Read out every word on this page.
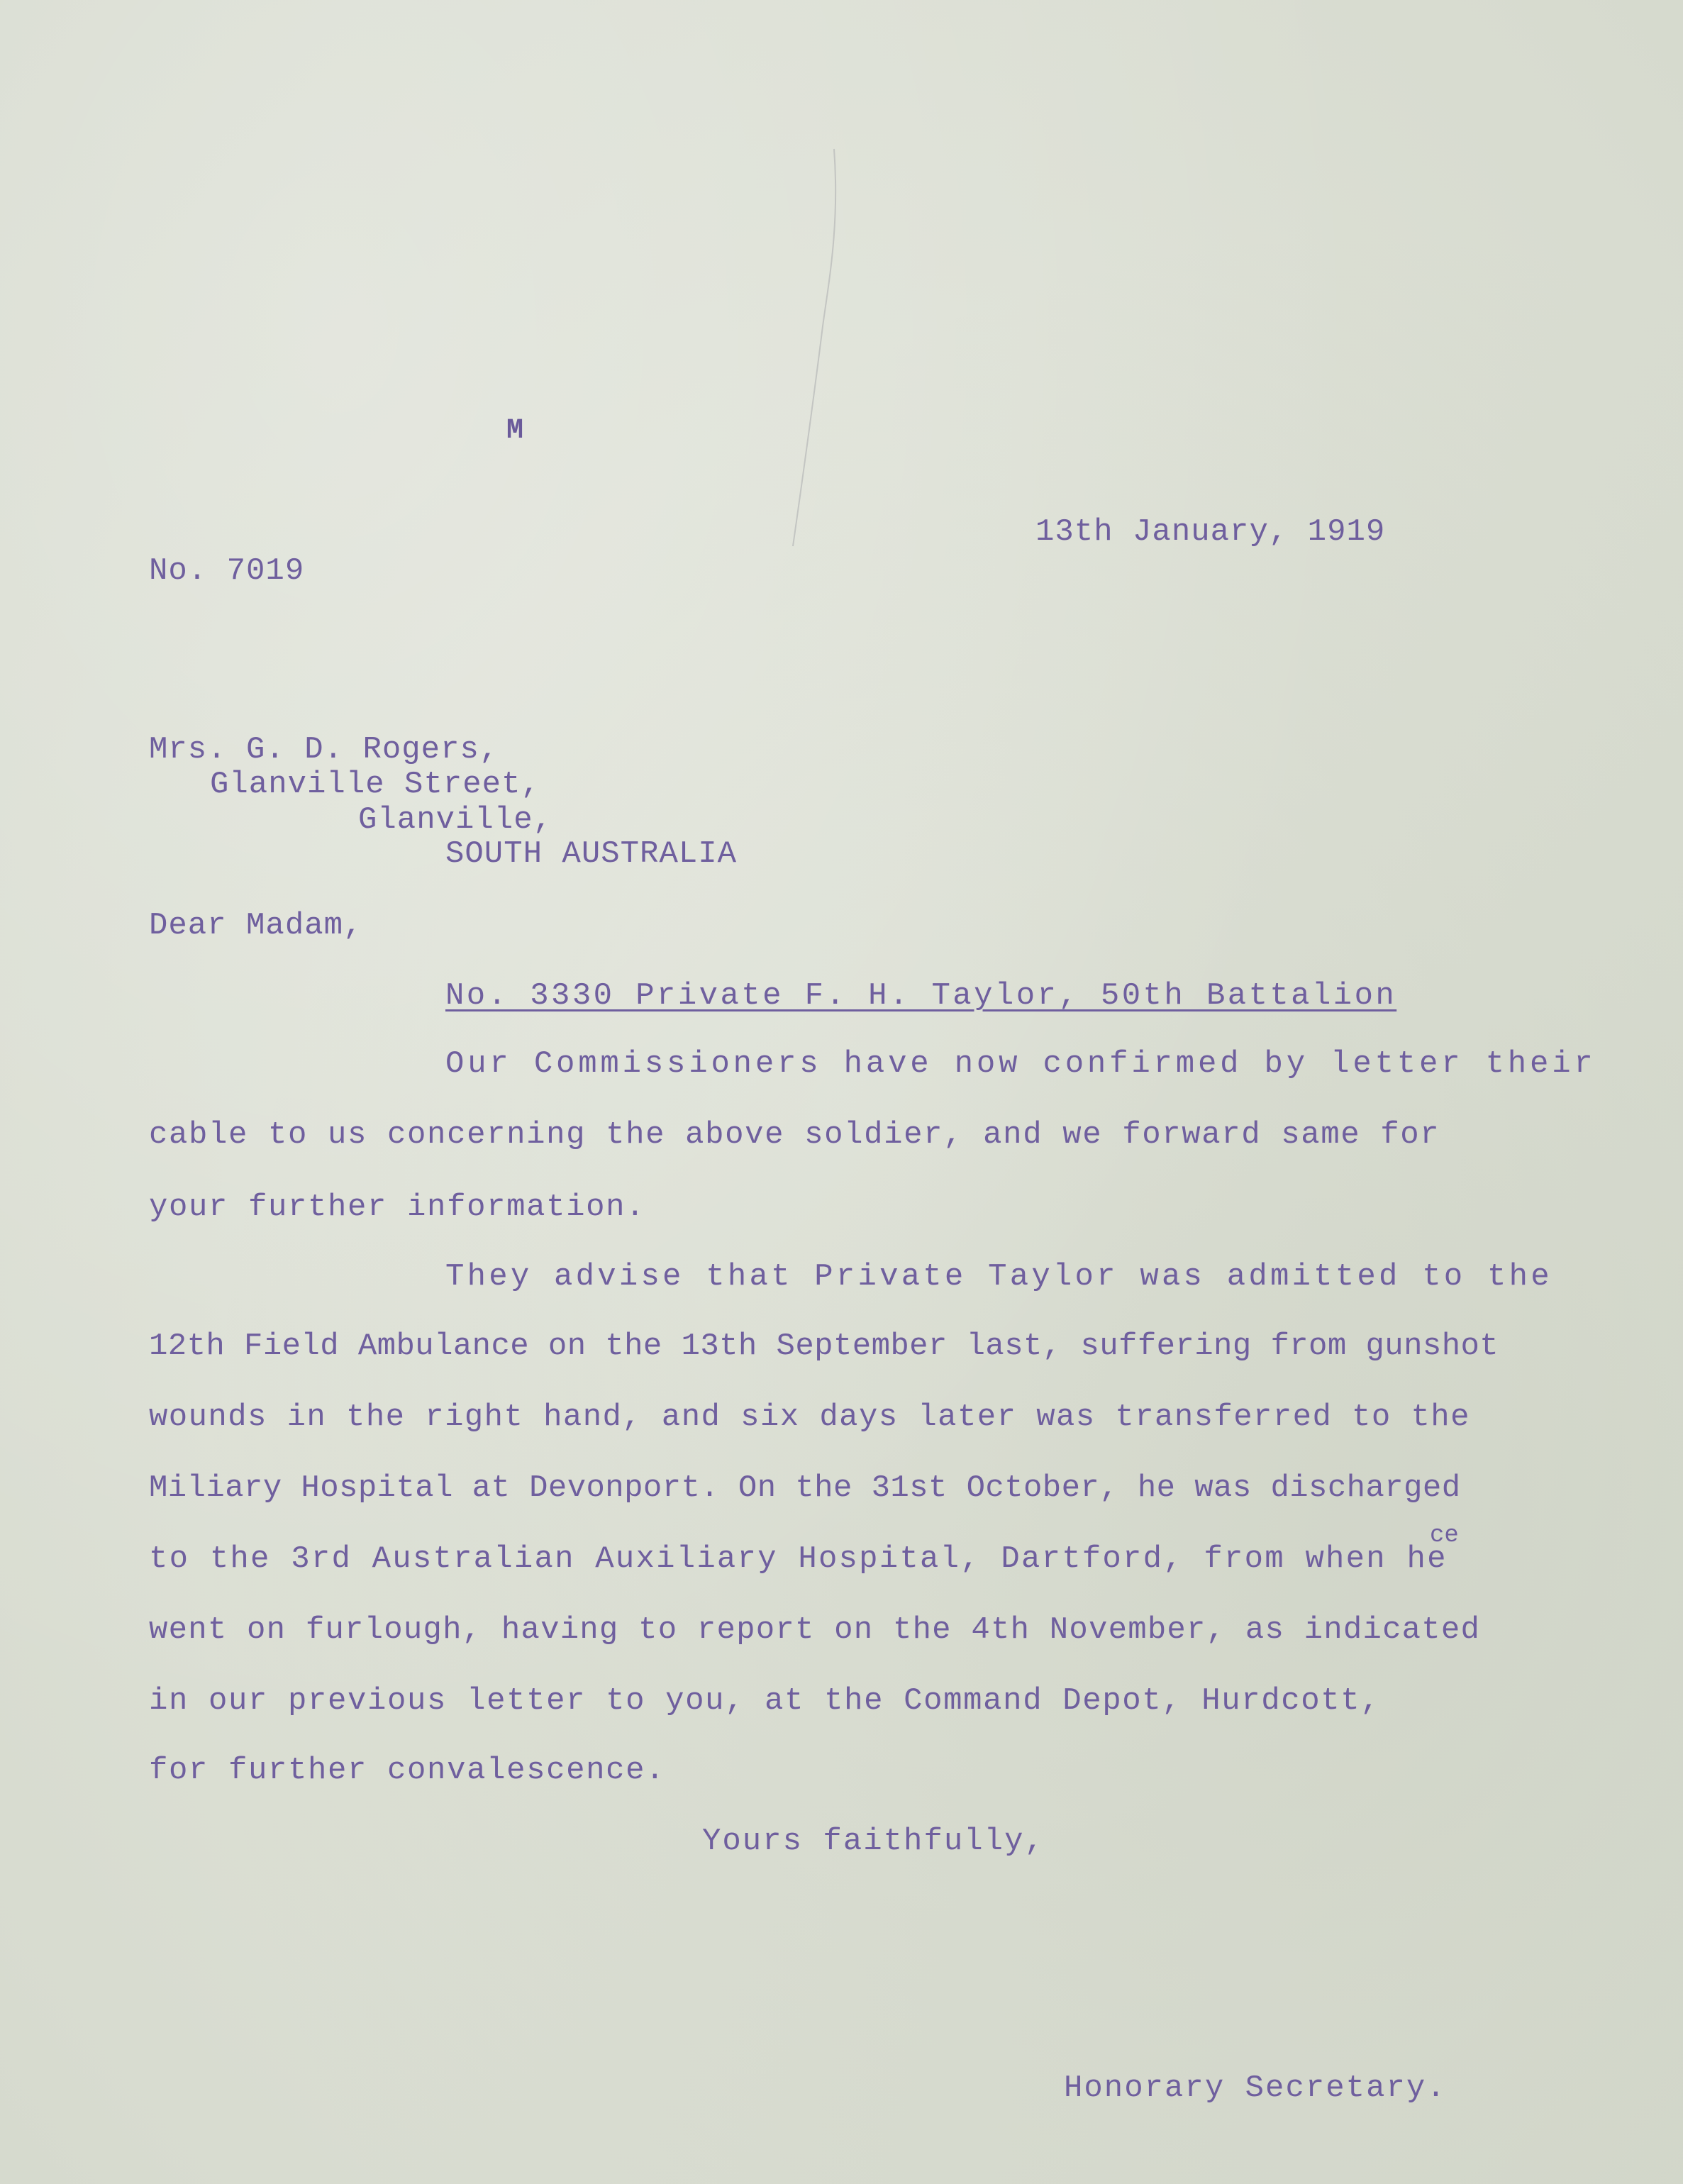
M
13th January, 1919
No. 7019
Mrs. G. D. Rogers,
Glanville Street,
Glanville,
SOUTH AUSTRALIA
Dear Madam,
No. 3330 Private F. H. Taylor, 50th Battalion
Our Commissioners have now confirmed by letter their
cable to us concerning the above soldier, and we forward same for
your further information.
They advise that Private Taylor was admitted to the
12th Field Ambulance on the 13th September last, suffering from gunshot
wounds in the right hand, and six days later was transferred to the
Miliary Hospital at Devonport. On the 31st October, he was discharged
to the 3rd Australian Auxiliary Hospital, Dartford, from when he
went on furlough, having to report on the 4th November, as indicated
in our previous letter to you, at the Command Depot, Hurdcott,
for further convalescence.
ce
Yours faithfully,
Honorary Secretary.
